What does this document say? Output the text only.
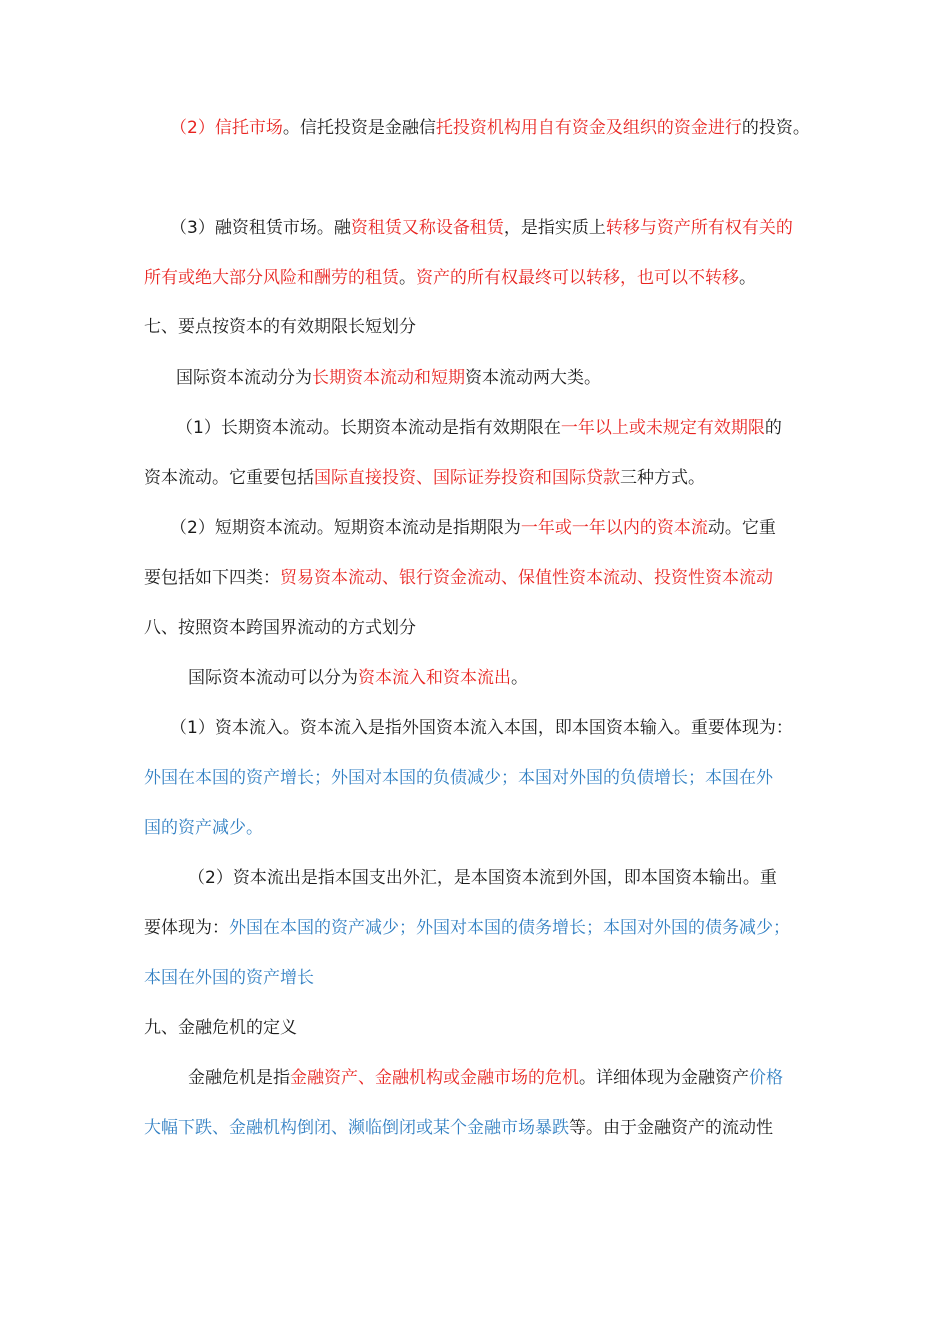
（2）信托市场。信托投资是金融信托投资机构用自有资金及组织的资金进行的投资。
（3）融资租赁市场。融资租赁又称设备租赁，是指实质上转移与资产所有权有关的
所有或绝大部分风险和酬劳的租赁。资产的所有权最终可以转移，也可以不转移。
七、要点按资本的有效期限长短划分
国际资本流动分为长期资本流动和短期资本流动两大类。
（1）长期资本流动。长期资本流动是指有效期限在一年以上或未规定有效期限的
资本流动。它重要包括国际直接投资、国际证券投资和国际贷款三种方式。
（2）短期资本流动。短期资本流动是指期限为一年或一年以内的资本流动。它重
要包括如下四类：贸易资本流动、银行资金流动、保值性资本流动、投资性资本流动
八、按照资本跨国界流动的方式划分
国际资本流动可以分为资本流入和资本流出。
（1）资本流入。资本流入是指外国资本流入本国，即本国资本输入。重要体现为：
外国在本国的资产增长；外国对本国的负债减少；本国对外国的负债增长；本国在外
国的资产减少。
（2）资本流出是指本国支出外汇，是本国资本流到外国，即本国资本输出。重
要体现为：外国在本国的资产减少；外国对本国的债务增长；本国对外国的债务减少；
本国在外国的资产增长
九、金融危机的定义
金融危机是指金融资产、金融机构或金融市场的危机。详细体现为金融资产价格
大幅下跌、金融机构倒闭、濒临倒闭或某个金融市场暴跌等。由于金融资产的流动性
